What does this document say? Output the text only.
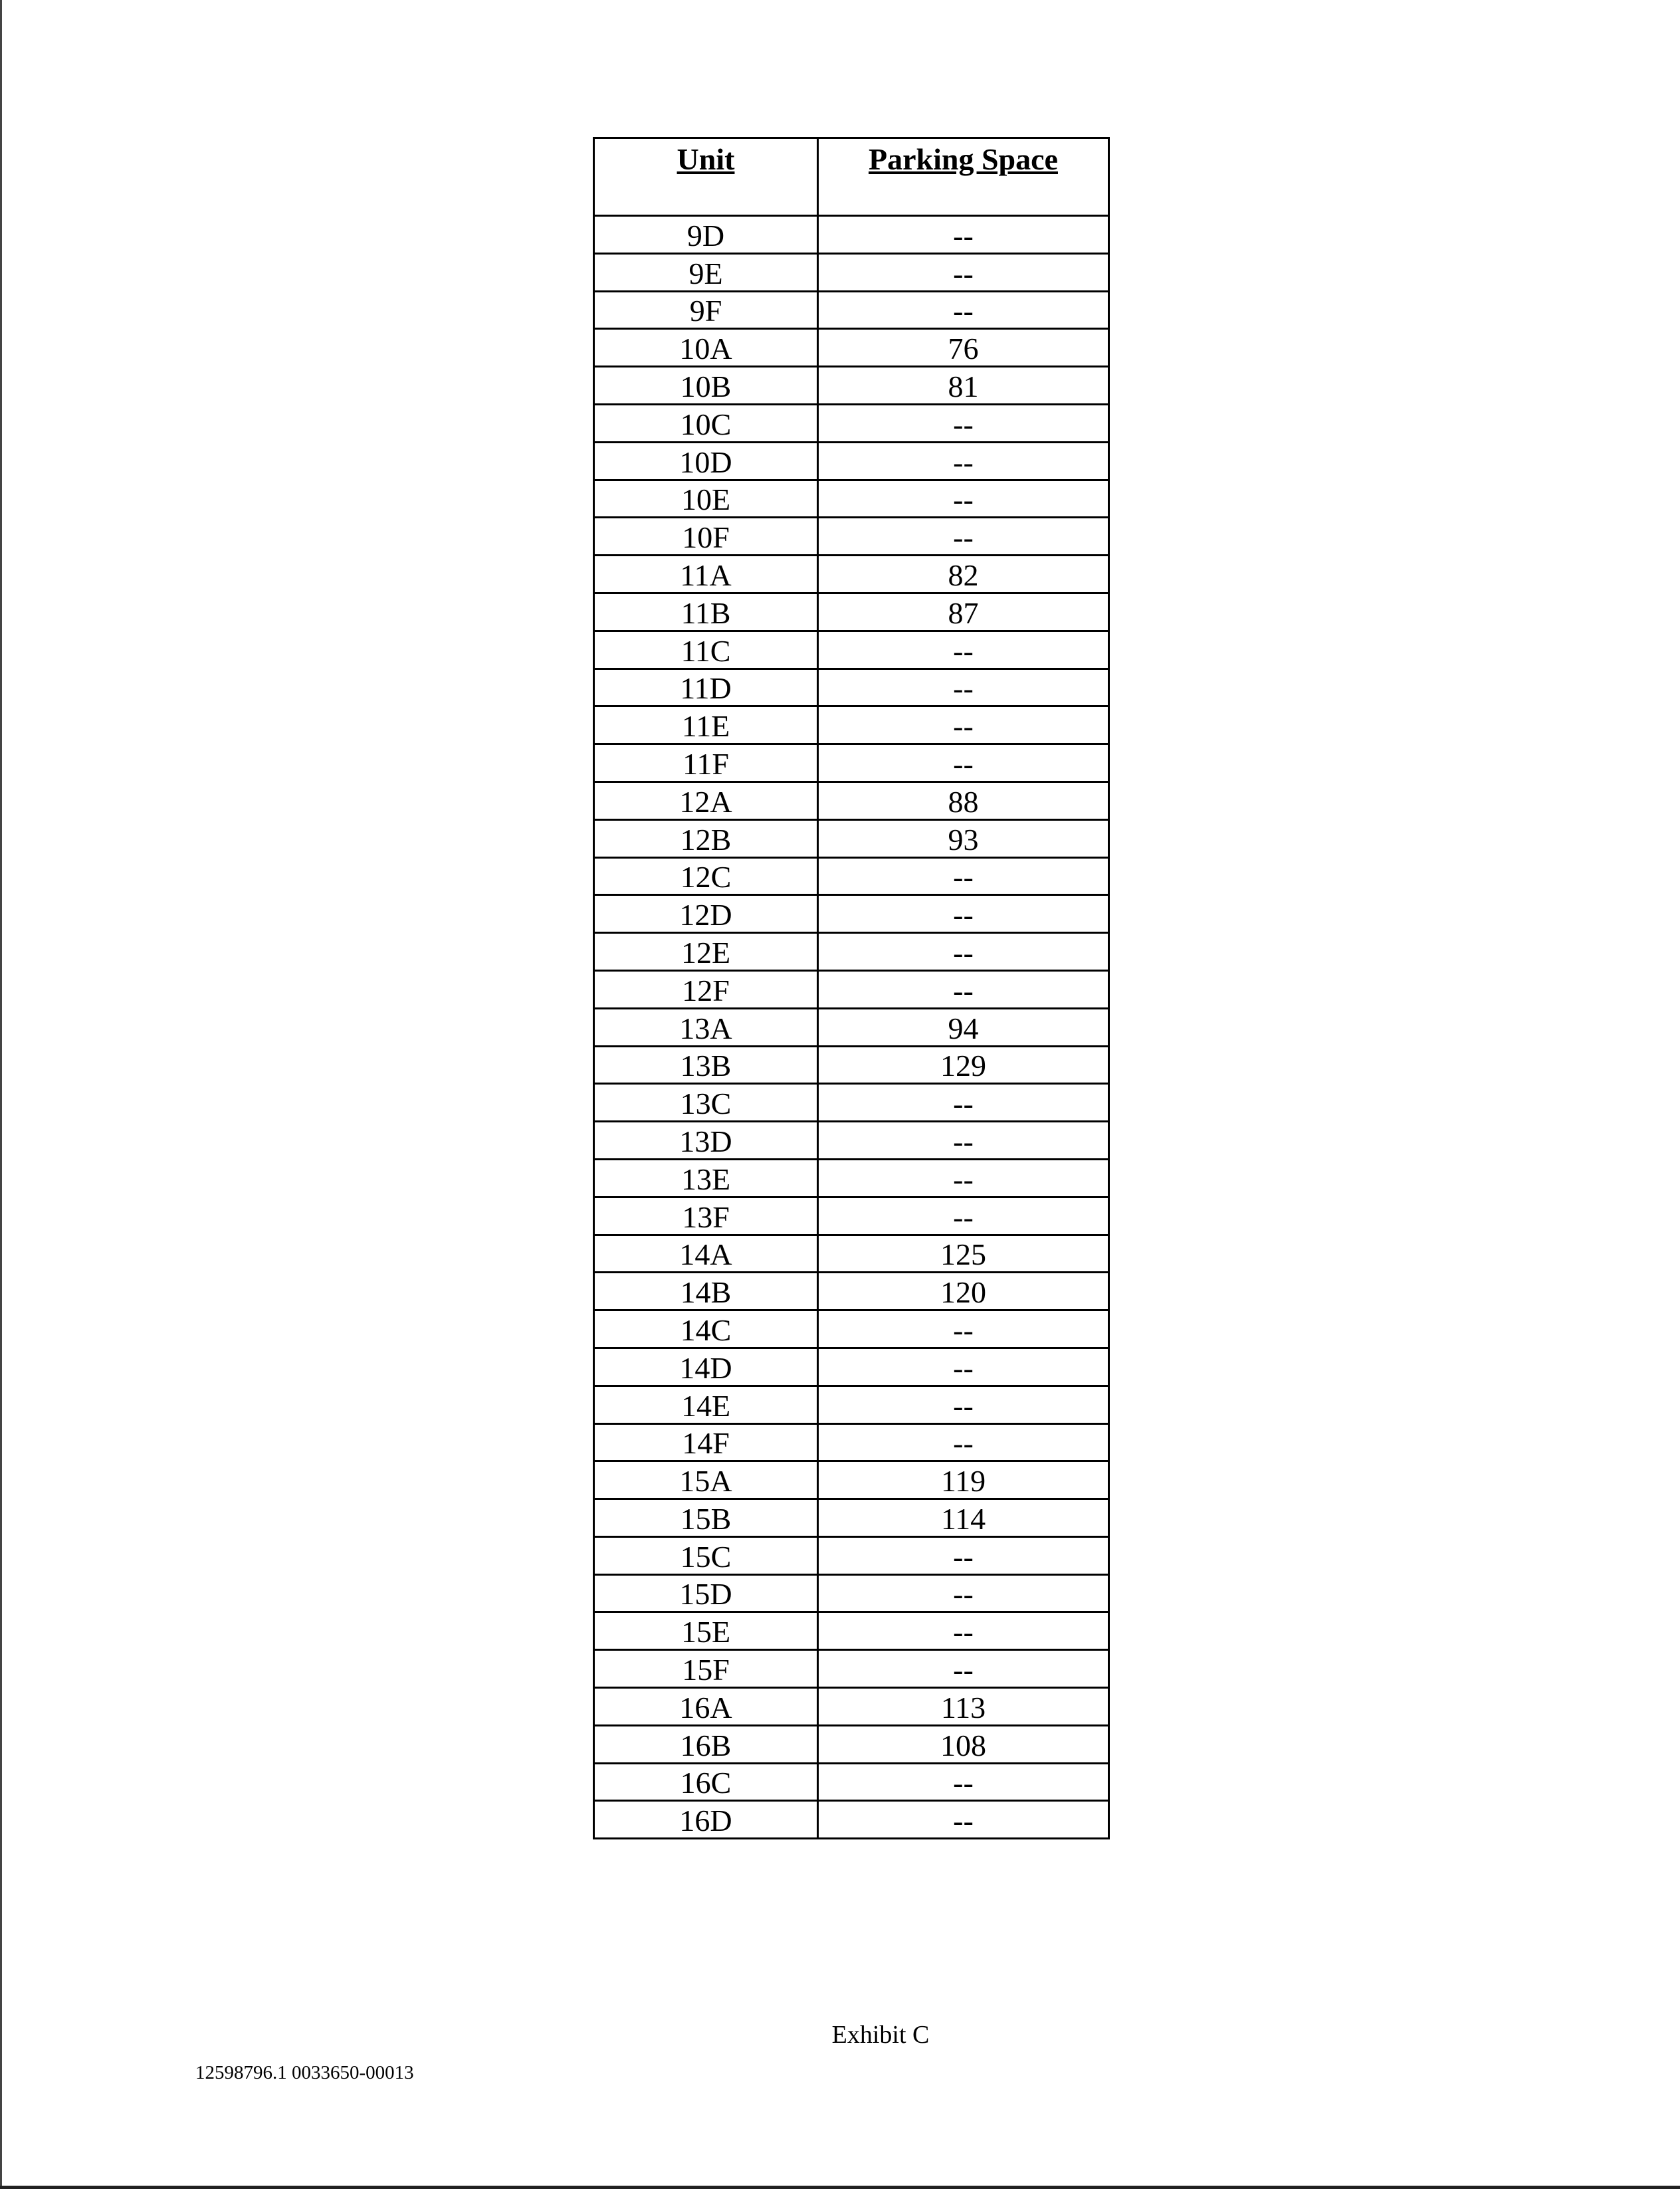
Unit	Parking Space
9D	--
9E	--
9F	--
10A	76
10B	81
10C	--
10D	--
10E	--
10F	--
11A	82
11B	87
11C	--
11D	--
11E	--
11F	--
12A	88
12B	93
12C	--
12D	--
12E	--
12F	--
13A	94
13B	129
13C	--
13D	--
13E	--
13F	--
14A	125
14B	120
14C	--
14D	--
14E	--
14F	--
15A	119
15B	114
15C	--
15D	--
15E	--
15F	--
16A	113
16B	108
16C	--
16D	--
Exhibit C
12598796.1 0033650-00013
